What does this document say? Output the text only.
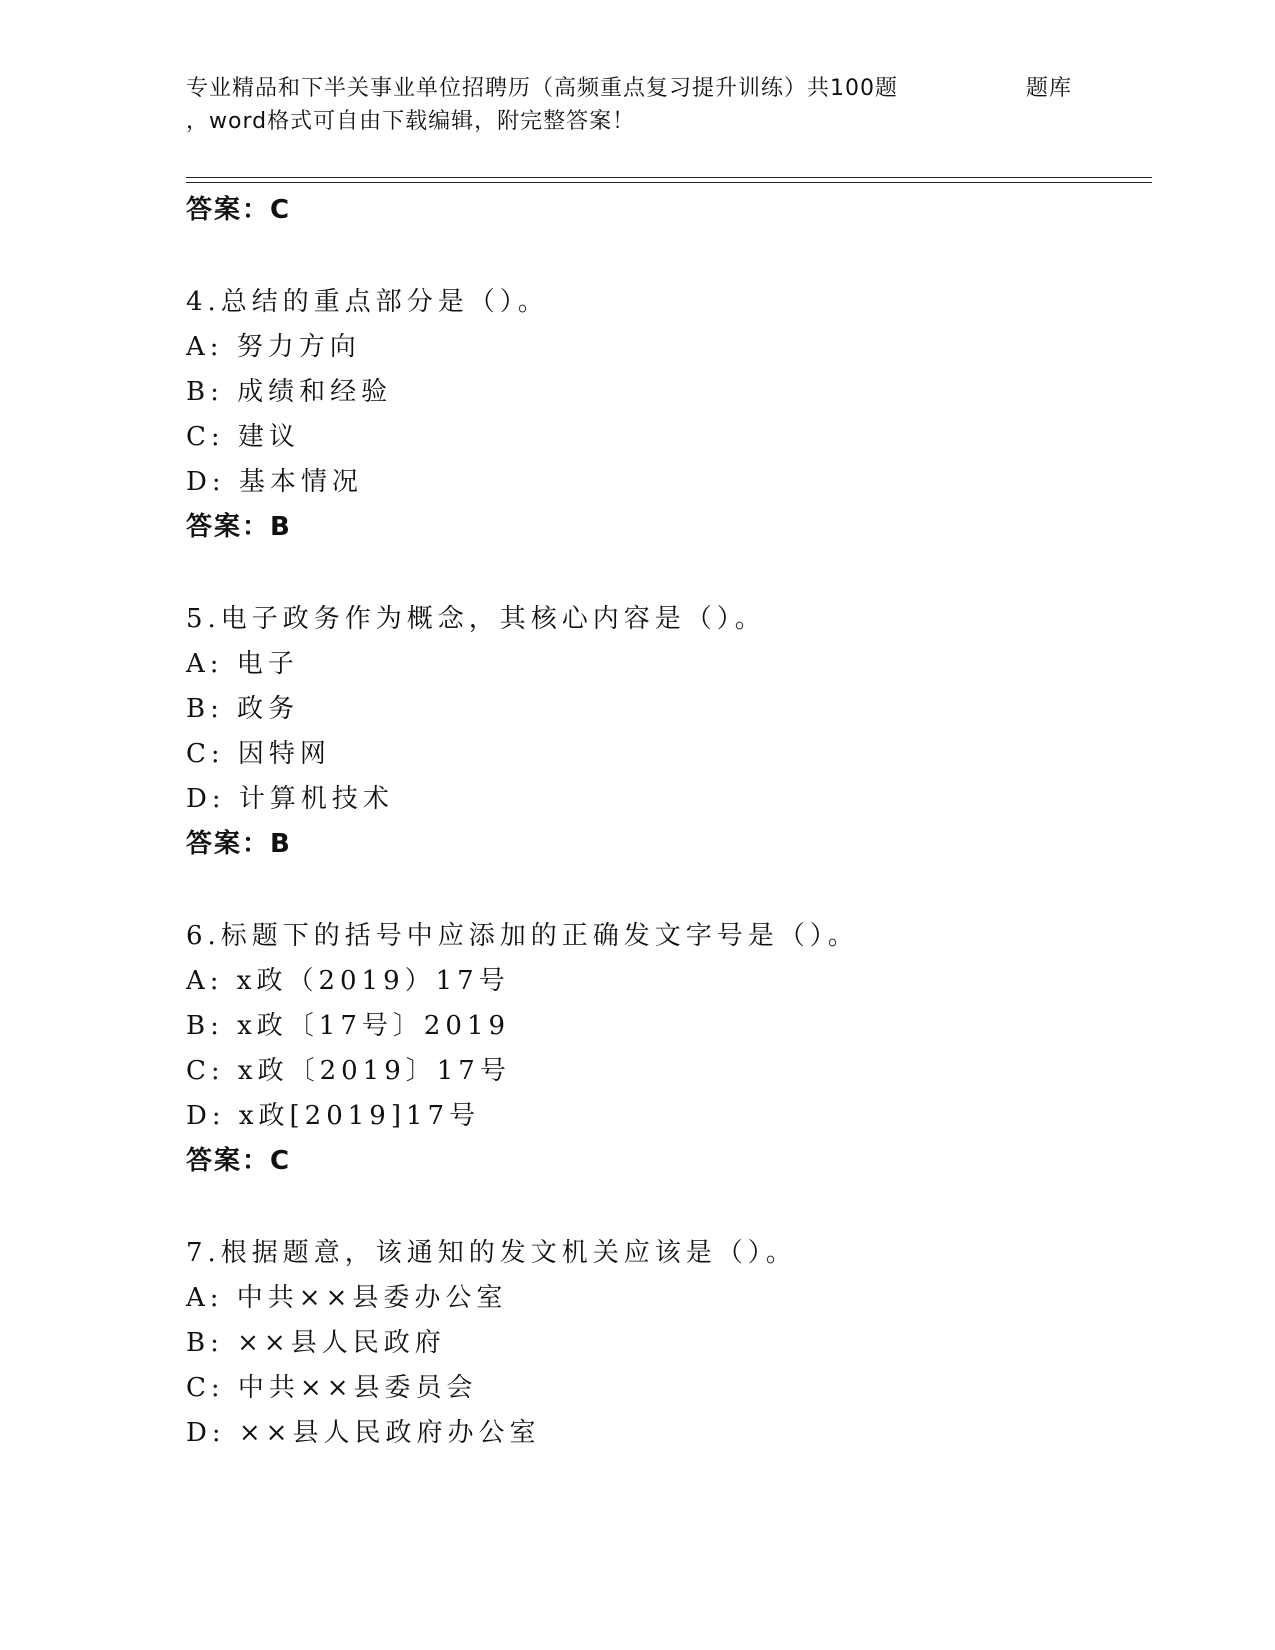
专业精品和下半关事业单位招聘历（高频重点复习提升训练）共100题
，word格式可自由下载编辑，附完整答案！
题库
答案：C
4.总结的重点部分是（）。
A: 努力方向
B: 成绩和经验
C: 建议
D: 基本情况
答案：B
5.电子政务作为概念，其核心内容是（）。
A: 电子
B: 政务
C: 因特网
D: 计算机技术
答案：B
6.标题下的括号中应添加的正确发文字号是（）。
A: x政（2019）17号
B: x政〔17号〕2019
C: x政〔2019〕17号
D: x政[2019]17号
答案：C
7.根据题意，该通知的发文机关应该是（）。
A: 中共××县委办公室
B: ××县人民政府
C: 中共××县委员会
D: ××县人民政府办公室
